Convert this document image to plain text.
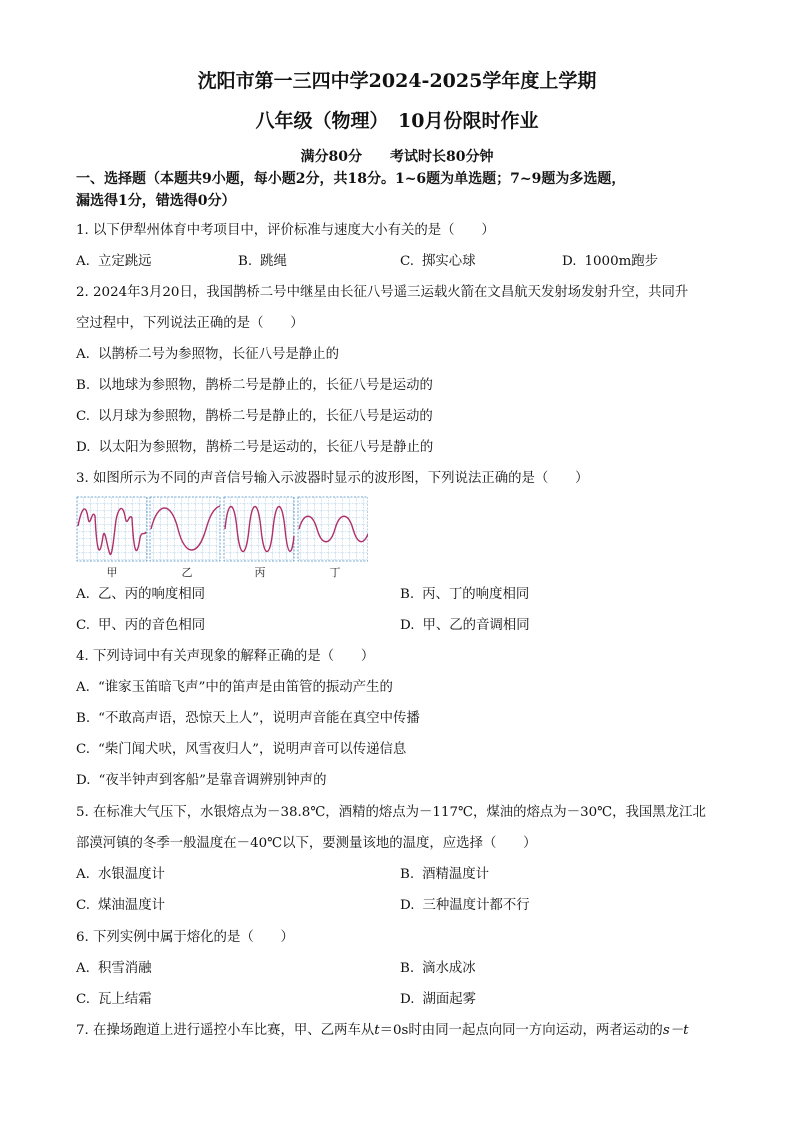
沈阳市第一三四中学2024-2025学年度上学期
八年级（物理）　10月份限时作业
满分80分　　考试时长80分钟
一、选择题（本题共9小题，每小题2分，共18分。1~6题为单选题；7~9题为多选题，
漏选得1分，错选得0分）
1. 以下伊犁州体育中考项目中，评价标准与速度大小有关的是（　　）
A. 立定跳远	B. 跳绳	C. 掷实心球	D. 1000m跑步
2. 2024年3月20日，我国鹊桥二号中继星由长征八号遥三运载火箭在文昌航天发射场发射升空，共同升
空过程中，下列说法正确的是（　　）
A. 以鹊桥二号为参照物，长征八号是静止的
B. 以地球为参照物，鹊桥二号是静止的，长征八号是运动的
C. 以月球为参照物，鹊桥二号是静止的，长征八号是运动的
D. 以太阳为参照物，鹊桥二号是运动的，长征八号是静止的
3. 如图所示为不同的声音信号输入示波器时显示的波形图，下列说法正确的是（　　）
甲	乙	丙	丁
A. 乙、丙的响度相同	B. 丙、丁的响度相同
C. 甲、丙的音色相同	D. 甲、乙的音调相同
4. 下列诗词中有关声现象的解释正确的是（　　）
A. “谁家玉笛暗飞声”中的笛声是由笛管的振动产生的
B. “不敢高声语，恐惊天上人”，说明声音能在真空中传播
C. “柴门闻犬吠，风雪夜归人”，说明声音可以传递信息
D. “夜半钟声到客船”是靠音调辨别钟声的
5. 在标准大气压下，水银熔点为－38.8℃，酒精的熔点为－117℃，煤油的熔点为－30℃，我国黑龙江北
部漠河镇的冬季一般温度在－40℃以下，要测量该地的温度，应选择（　　）
A. 水银温度计	B. 酒精温度计
C. 煤油温度计	D. 三种温度计都不行
6. 下列实例中属于熔化的是（　　）
A. 积雪消融	B. 滴水成冰
C. 瓦上结霜	D. 湖面起雾
7. 在操场跑道上进行遥控小车比赛，甲、乙两车从t＝0s时由同一起点向同一方向运动，两者运动的s－t
